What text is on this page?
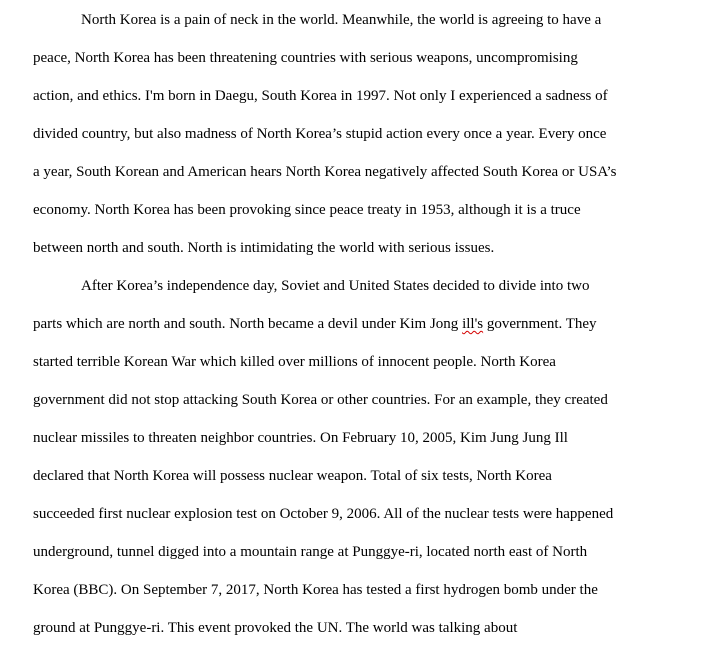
North Korea is a pain of neck in the world. Meanwhile, the world is agreeing to have a
peace, North Korea has been threatening countries with serious weapons, uncompromising
action, and ethics. I'm born in Daegu, South Korea in 1997. Not only I experienced a sadness of
divided country, but also madness of North Korea’s stupid action every once a year. Every once
a year, South Korean and American hears North Korea negatively affected South Korea or USA’s
economy. North Korea has been provoking since peace treaty in 1953, although it is a truce
between north and south. North is intimidating the world with serious issues.
After Korea’s independence day, Soviet and United States decided to divide into two
parts which are north and south. North became a devil under Kim Jong ill's government. They
started terrible Korean War which killed over millions of innocent people. North Korea
government did not stop attacking South Korea or other countries. For an example, they created
nuclear missiles to threaten neighbor countries. On February 10, 2005, Kim Jung Jung Ill
declared that North Korea will possess nuclear weapon. Total of six tests, North Korea
succeeded first nuclear explosion test on October 9, 2006. All of the nuclear tests were happened
underground, tunnel digged into a mountain range at Punggye-ri, located north east of North
Korea (BBC). On September 7, 2017, North Korea has tested a first hydrogen bomb under the
ground at Punggye-ri. This event provoked the UN. The world was talking about
